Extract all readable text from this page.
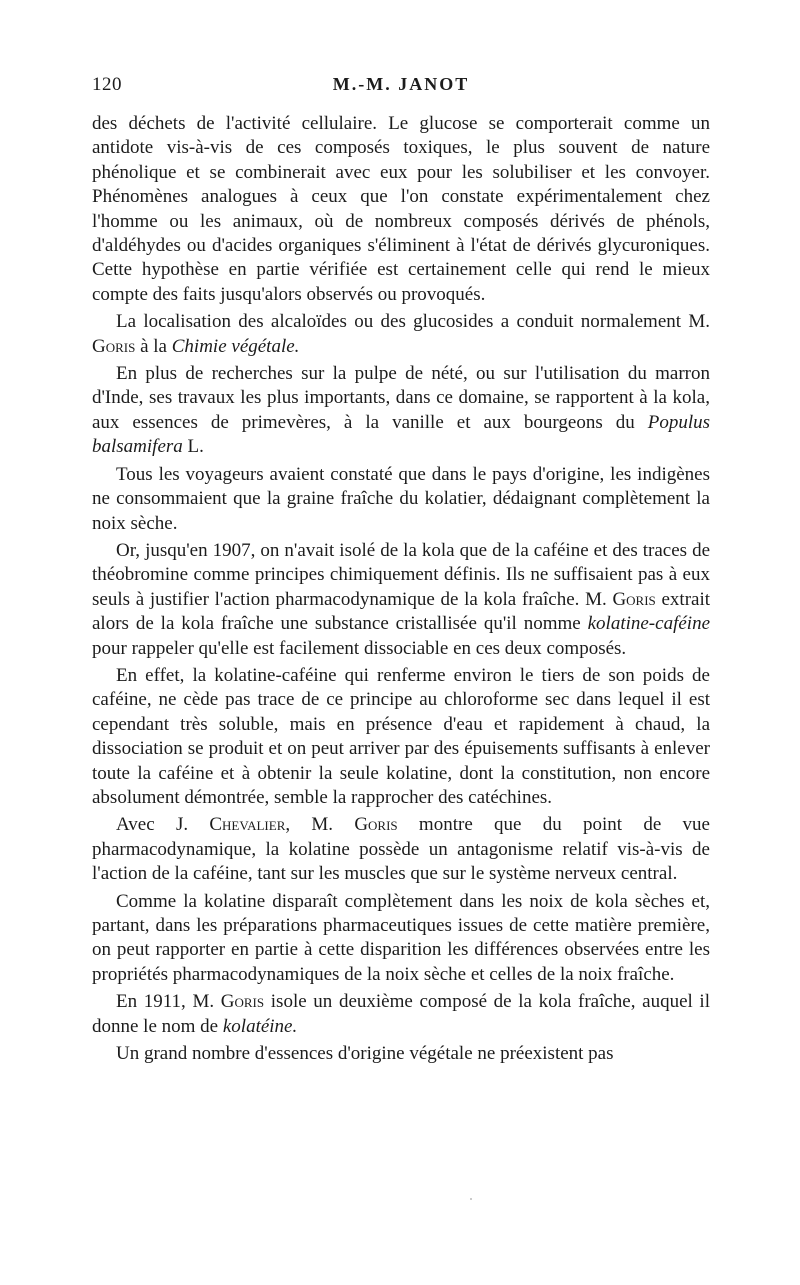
120	M.-M. JANOT

des déchets de l'activité cellulaire. Le glucose se comporterait comme un antidote vis-à-vis de ces composés toxiques, le plus souvent de nature phénolique et se combinerait avec eux pour les solubiliser et les convoyer. Phénomènes analogues à ceux que l'on constate expérimentalement chez l'homme ou les animaux, où de nombreux composés dérivés de phénols, d'aldéhydes ou d'acides organiques s'éliminent à l'état de dérivés glycuroniques. Cette hypothèse en partie vérifiée est certainement celle qui rend le mieux compte des faits jusqu'alors observés ou provoqués.

La localisation des alcaloïdes ou des glucosides a conduit normalement M. Goris à la Chimie végétale.

En plus de recherches sur la pulpe de nété, ou sur l'utilisation du marron d'Inde, ses travaux les plus importants, dans ce domaine, se rapportent à la kola, aux essences de primevères, à la vanille et aux bourgeons du Populus balsamifera L.

Tous les voyageurs avaient constaté que dans le pays d'origine, les indigènes ne consommaient que la graine fraîche du kolatier, dédaignant complètement la noix sèche.

Or, jusqu'en 1907, on n'avait isolé de la kola que de la caféine et des traces de théobromine comme principes chimiquement définis. Ils ne suffisaient pas à eux seuls à justifier l'action pharmacodynamique de la kola fraîche. M. Goris extrait alors de la kola fraîche une substance cristallisée qu'il nomme kolatine-caféine pour rappeler qu'elle est facilement dissociable en ces deux composés.

En effet, la kolatine-caféine qui renferme environ le tiers de son poids de caféine, ne cède pas trace de ce principe au chloroforme sec dans lequel il est cependant très soluble, mais en présence d'eau et rapidement à chaud, la dissociation se produit et on peut arriver par des épuisements suffisants à enlever toute la caféine et à obtenir la seule kolatine, dont la constitution, non encore absolument démontrée, semble la rapprocher des catéchines.

Avec J. Chevalier, M. Goris montre que du point de vue pharmacodynamique, la kolatine possède un antagonisme relatif vis-à-vis de l'action de la caféine, tant sur les muscles que sur le système nerveux central.

Comme la kolatine disparaît complètement dans les noix de kola sèches et, partant, dans les préparations pharmaceutiques issues de cette matière première, on peut rapporter en partie à cette disparition les différences observées entre les propriétés pharmacodynamiques de la noix sèche et celles de la noix fraîche.

En 1911, M. Goris isole un deuxième composé de la kola fraîche, auquel il donne le nom de kolatéine.

Un grand nombre d'essences d'origine végétale ne préexistent pas
